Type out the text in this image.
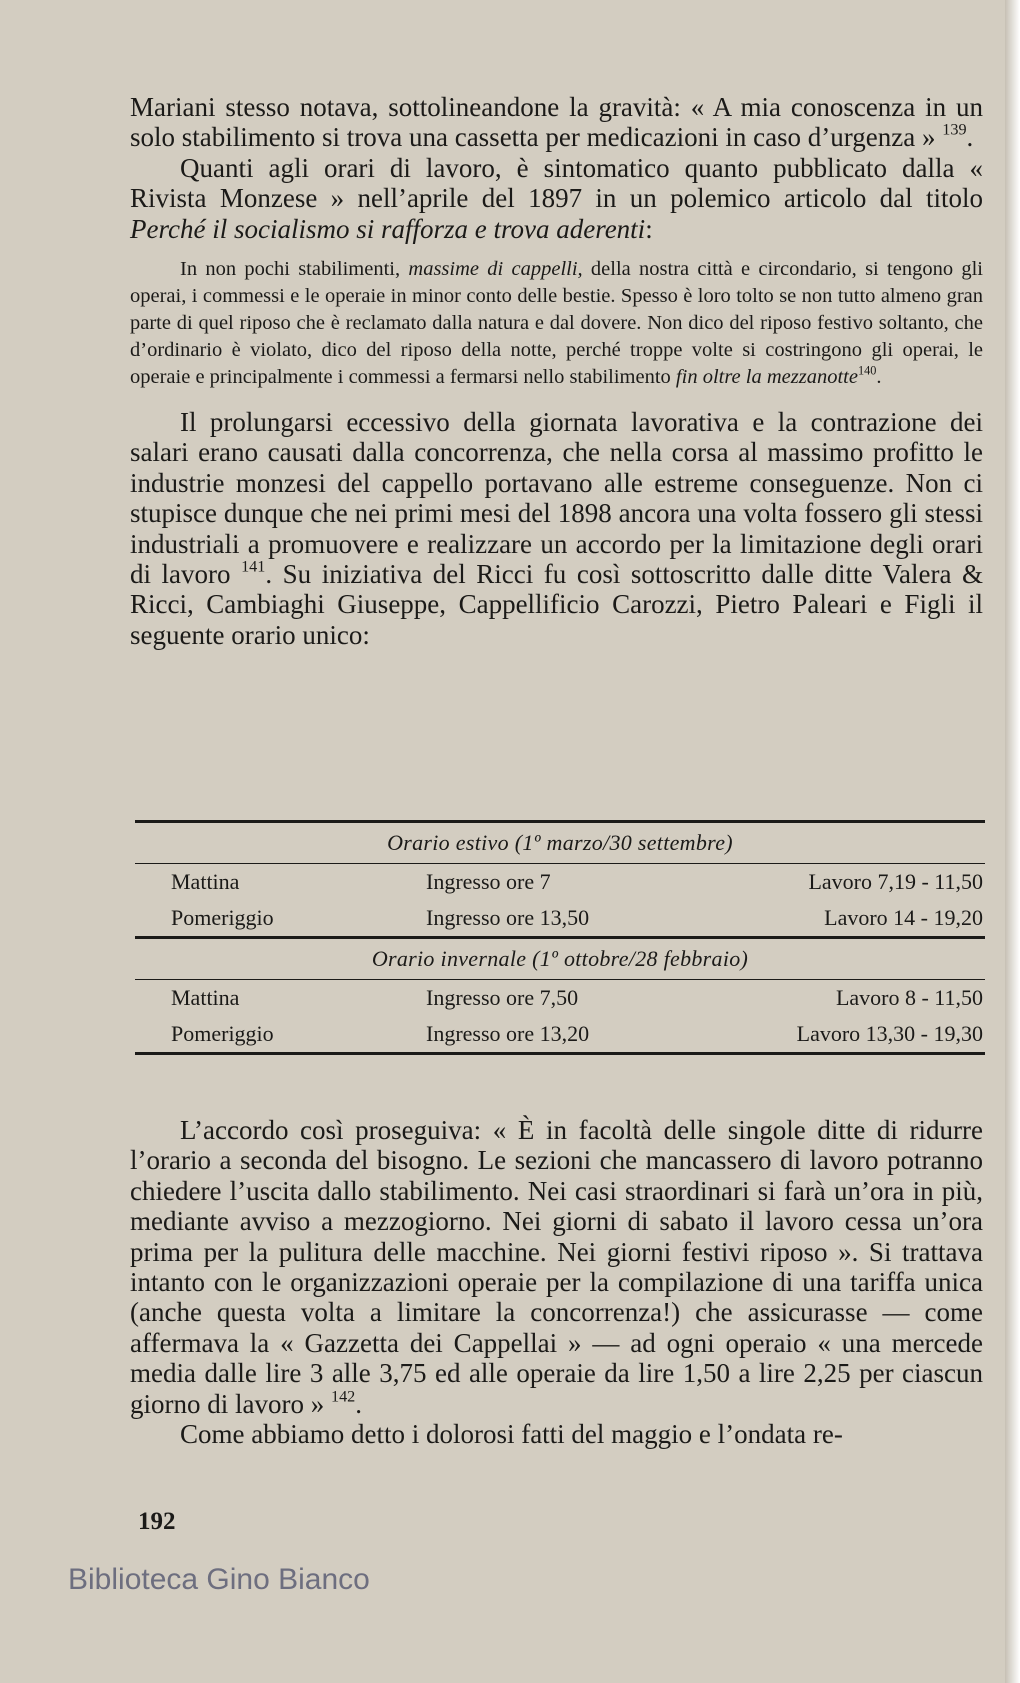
Mariani stesso notava, sottolineandone la gravità: « A mia conoscenza in un solo stabilimento si trova una cassetta per medicazioni in caso d’urgenza » $^{139}$.

Quanti agli orari di lavoro, è sintomatico quanto pubblicato dalla « Rivista Monzese » nell’aprile del 1897 in un polemico articolo dal titolo Perché il socialismo si rafforza e trova aderenti:

In non pochi stabilimenti, massime di cappelli, della nostra città e circondario, si tengono gli operai, i commessi e le operaie in minor conto delle bestie. Spesso è loro tolto se non tutto almeno gran parte di quel riposo che è reclamato dalla natura e dal dovere. Non dico del riposo festivo soltanto, che d’ordinario è violato, dico del riposo della notte, perché troppe volte si costringono gli operai, le operaie e principalmente i commessi a fermarsi nello stabilimento fin oltre la mezzanotte$^{140}$.

Il prolungarsi eccessivo della giornata lavorativa e la contrazione dei salari erano causati dalla concorrenza, che nella corsa al massimo profitto le industrie monzesi del cappello portavano alle estreme conseguenze. Non ci stupisce dunque che nei primi mesi del 1898 ancora una volta fossero gli stessi industriali a promuovere e realizzare un accordo per la limitazione degli orari di lavoro $^{141}$. Su iniziativa del Ricci fu così sottoscritto dalle ditte Valera & Ricci, Cambiaghi Giuseppe, Cappellificio Carozzi, Pietro Paleari e Figli il seguente orario unico:

Orario estivo (1º marzo/30 settembre)		
Mattina	Ingresso ore 7	Lavoro 7,19 - 11,50
Pomeriggio	Ingresso ore 13,50	Lavoro 14 - 19,20
Orario invernale (1º ottobre/28 febbraio)		
Mattina	Ingresso ore 7,50	Lavoro 8 - 11,50
Pomeriggio	Ingresso ore 13,20	Lavoro 13,30 - 19,30

L’accordo così proseguiva: « È in facoltà delle singole ditte di ridurre l’orario a seconda del bisogno. Le sezioni che mancassero di lavoro potranno chiedere l’uscita dallo stabilimento. Nei casi straordinari si farà un’ora in più, mediante avviso a mezzogiorno. Nei giorni di sabato il lavoro cessa un’ora prima per la pulitura delle macchine. Nei giorni festivi riposo ». Si trattava intanto con le organizzazioni operaie per la compilazione di una tariffa unica (anche questa volta a limitare la concorrenza!) che assicurasse — come affermava la « Gazzetta dei Cappellai » — ad ogni operaio « una mercede media dalle lire 3 alle 3,75 ed alle operaie da lire 1,50 a lire 2,25 per ciascun giorno di lavoro » $^{142}$.

Come abbiamo detto i dolorosi fatti del maggio e l’ondata re-

192
Biblioteca Gino Bianco
